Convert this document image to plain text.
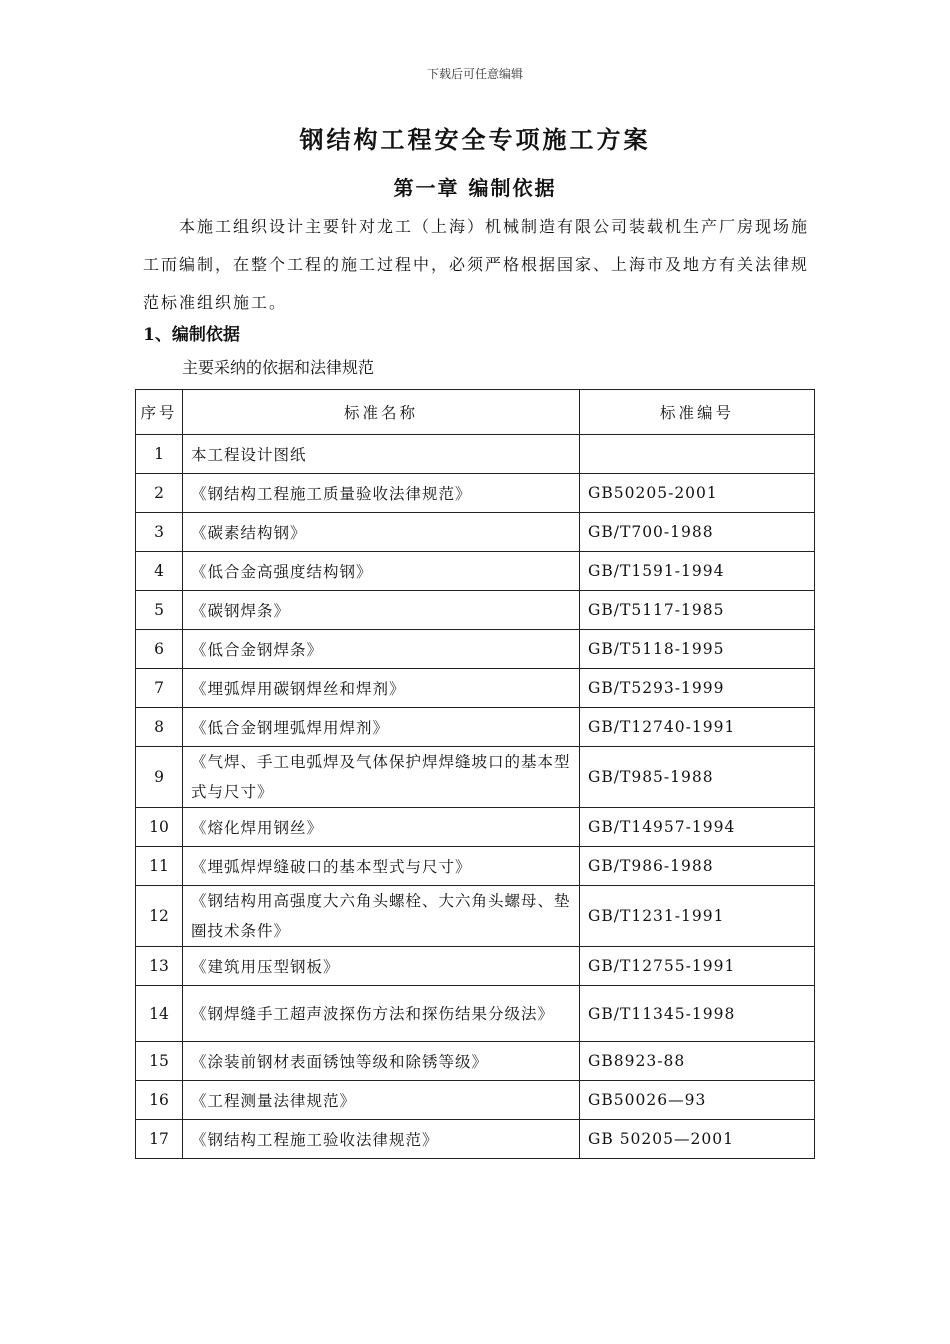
下载后可任意编辑
钢结构工程安全专项施工方案
第一章 编制依据

本施工组织设计主要针对龙工（上海）机械制造有限公司装载机生产厂房现场施工而编制，在整个工程的施工过程中，必须严格根据国家、上海市及地方有关法律规范标准组织施工。

1、编制依据
主要采纳的依据和法律规范
序号	标准名称	标准编号
1	本工程设计图纸	
2	《钢结构工程施工质量验收法律规范》	GB50205-2001
3	《碳素结构钢》	GB/T700-1988
4	《低合金高强度结构钢》	GB/T1591-1994
5	《碳钢焊条》	GB/T5117-1985
6	《低合金钢焊条》	GB/T5118-1995
7	《埋弧焊用碳钢焊丝和焊剂》	GB/T5293-1999
8	《低合金钢埋弧焊用焊剂》	GB/T12740-1991
9	《气焊、手工电弧焊及气体保护焊焊缝坡口的基本型式与尺寸》	GB/T985-1988
10	《熔化焊用钢丝》	GB/T14957-1994
11	《埋弧焊焊缝破口的基本型式与尺寸》	GB/T986-1988
12	《钢结构用高强度大六角头螺栓、大六角头螺母、垫圈技术条件》	GB/T1231-1991
13	《建筑用压型钢板》	GB/T12755-1991
14	《钢焊缝手工超声波探伤方法和探伤结果分级法》	GB/T11345-1998
15	《涂装前钢材表面锈蚀等级和除锈等级》	GB8923-88
16	《工程测量法律规范》	GB50026—93
17	《钢结构工程施工验收法律规范》	GB 50205—2001
